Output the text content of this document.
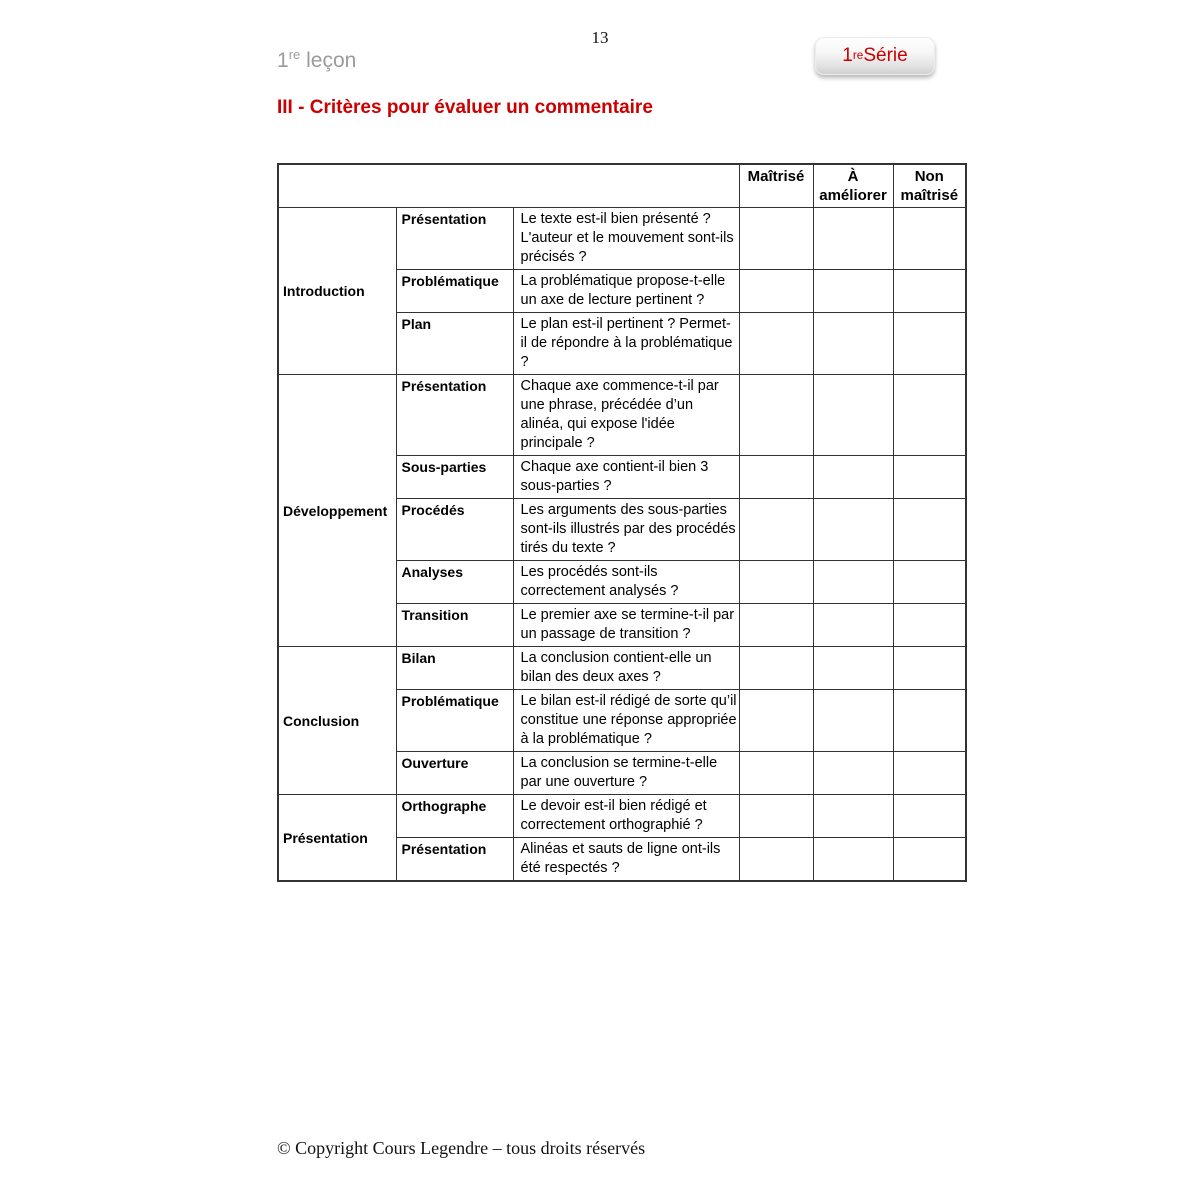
13
1re leçon	1 re Série
III - Critères pour évaluer un commentaire
			Maîtrisé	À améliorer	Non maîtrisé
Introduction	Présentation	Le texte est-il bien présenté ? L'auteur et le mouvement sont-ils précisés ?			
	Problématique	La problématique propose-t-elle un axe de lecture pertinent ?			
	Plan	Le plan est-il pertinent ? Permet-il de répondre à la problématique ?			
Développement	Présentation	Chaque axe commence-t-il par une phrase, précédée d’un alinéa, qui expose l'idée principale ?			
	Sous-parties	Chaque axe contient-il bien 3 sous-parties ?			
	Procédés	Les arguments des sous-parties sont-ils illustrés par des procédés tirés du texte ?			
	Analyses	Les procédés sont-ils correctement analysés ?			
	Transition	Le premier axe se termine-t-il par un passage de transition ?			
Conclusion	Bilan	La conclusion contient-elle un bilan des deux axes ?			
	Problématique	Le bilan est-il rédigé de sorte qu’il constitue une réponse appropriée à la problématique ?			
	Ouverture	La conclusion se termine-t-elle par une ouverture ?			
Présentation	Orthographe	Le devoir est-il bien rédigé et correctement orthographié ?			
	Présentation	Alinéas et sauts de ligne ont-ils été respectés ?			
© Copyright Cours Legendre – tous droits réservés
